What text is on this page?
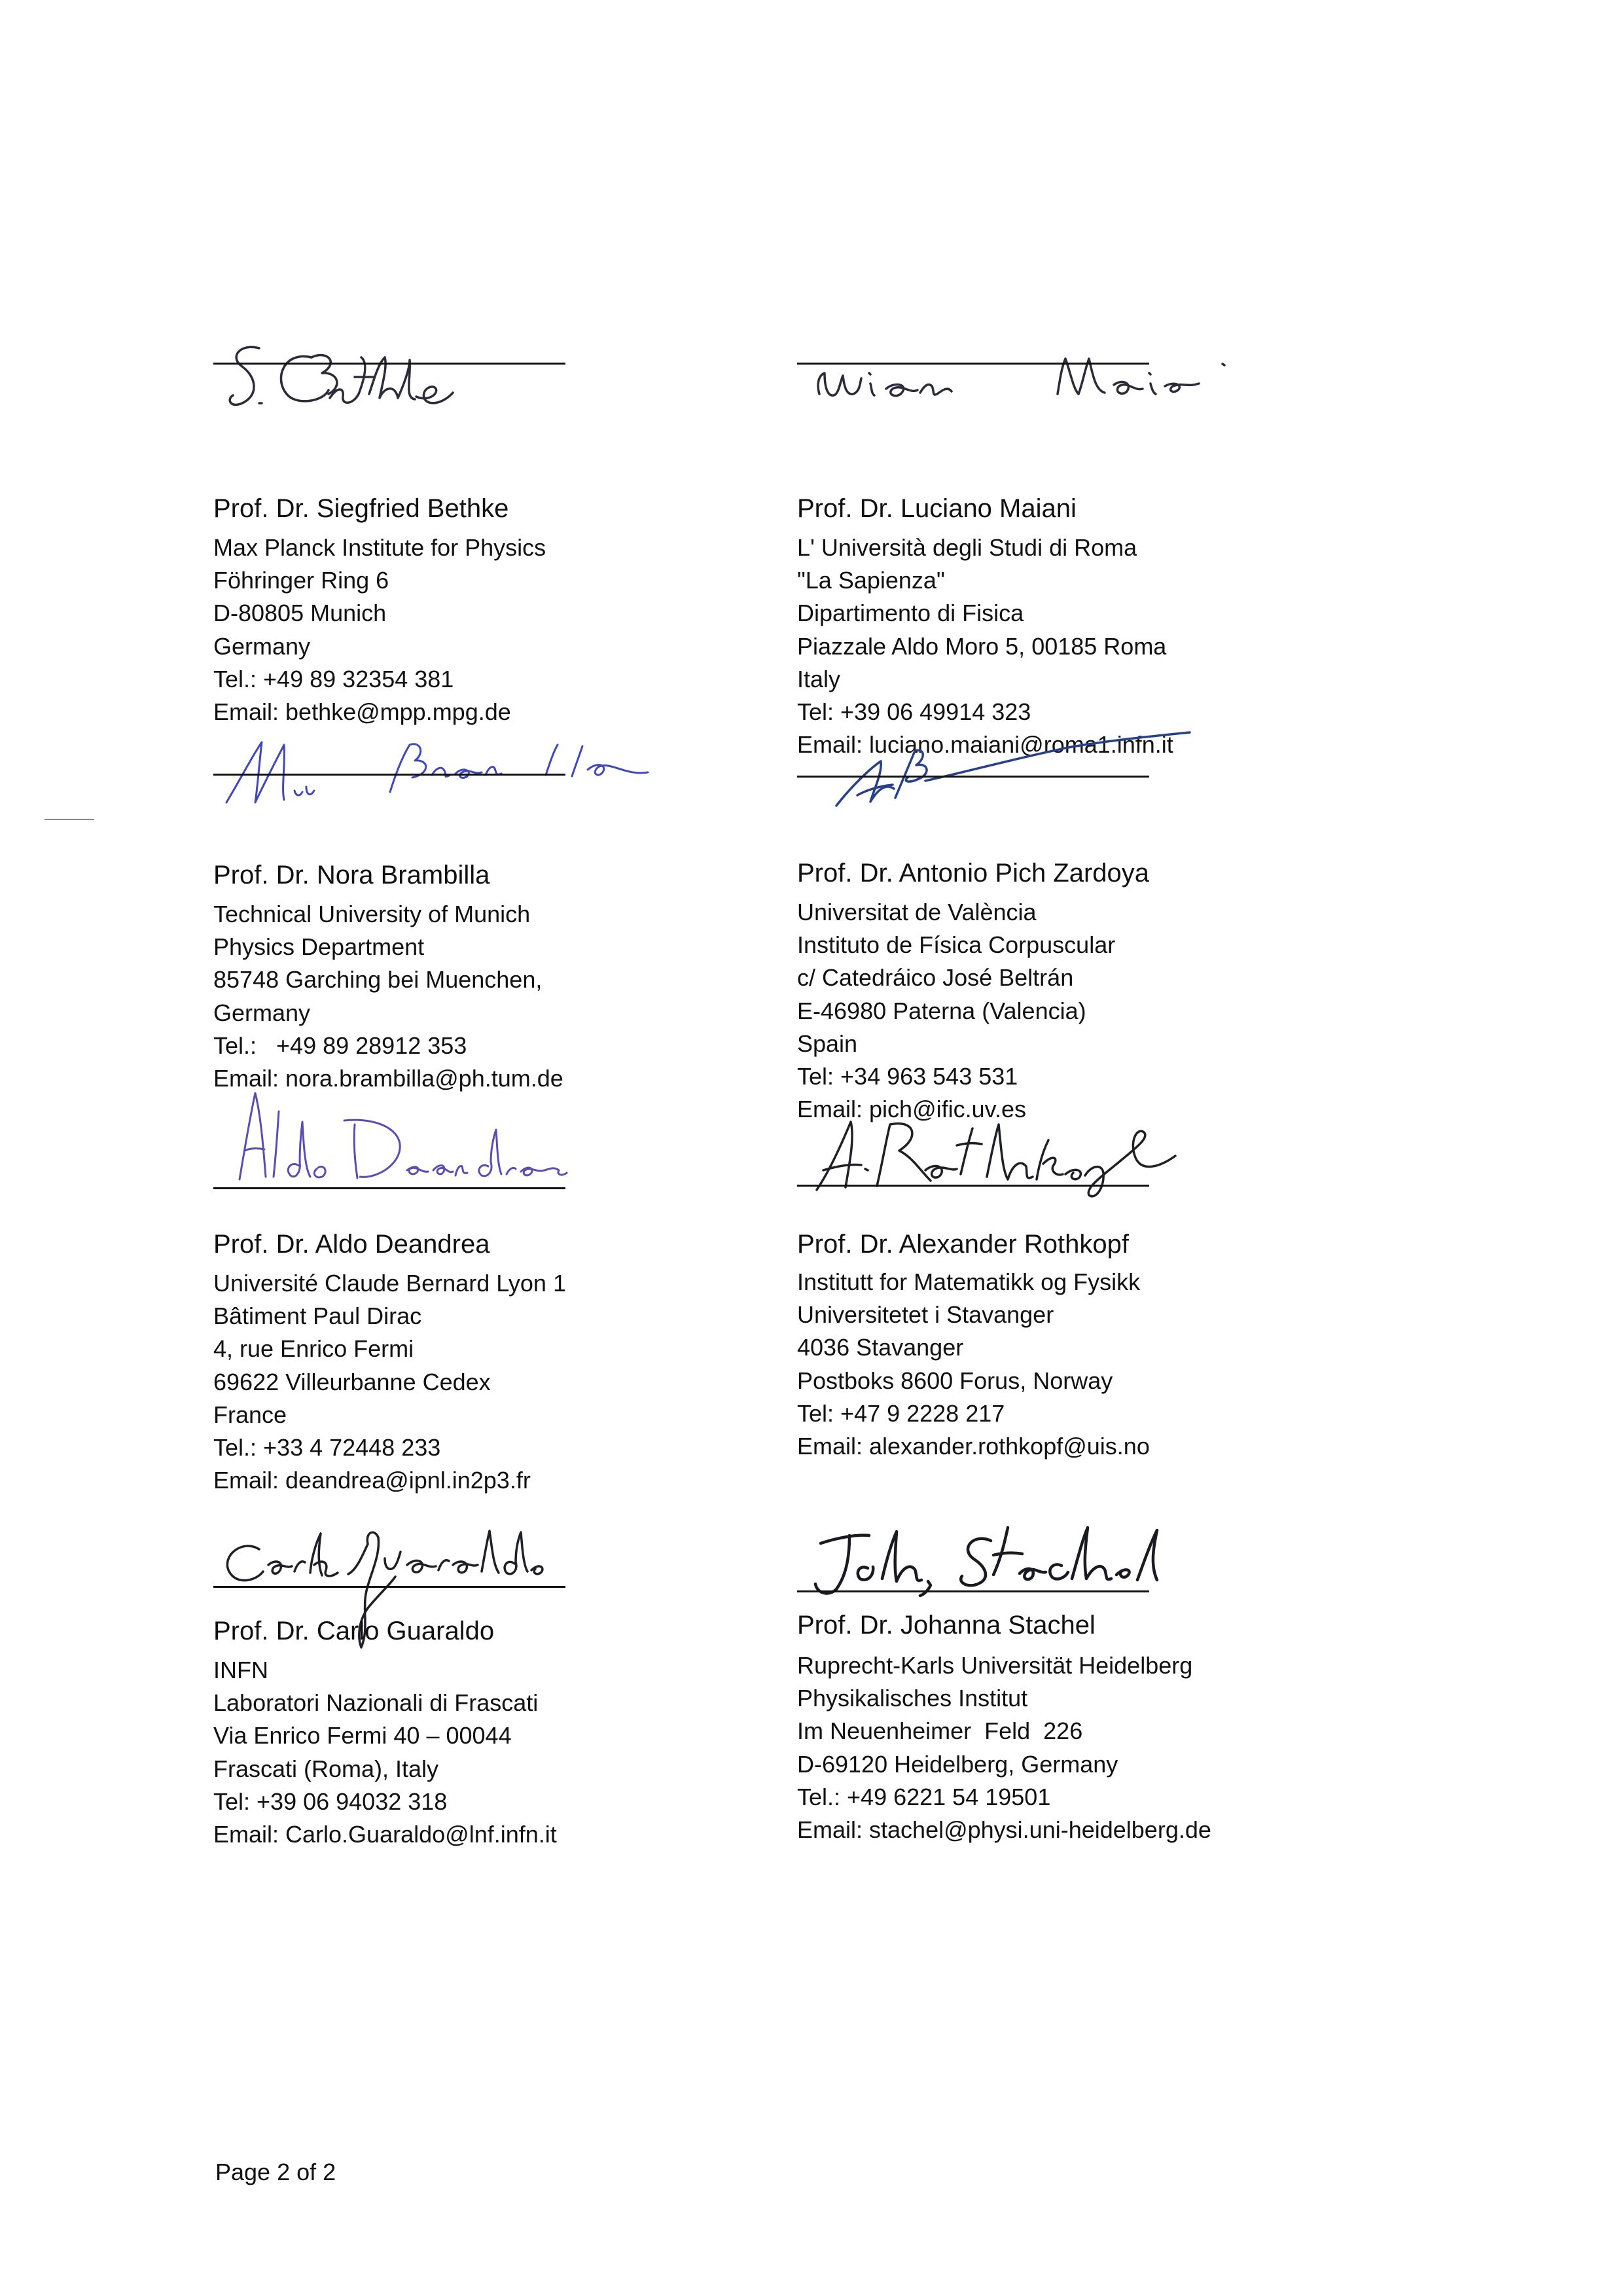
Prof. Dr. Siegfried Bethke
Max Planck Institute for Physics
Föhringer Ring 6
D-80805 Munich
Germany
Tel.: +49 89 32354 381
Email: bethke@mpp.mpg.de
Prof. Dr. Luciano Maiani
L' Università degli Studi di Roma
"La Sapienza"
Dipartimento di Fisica
Piazzale Aldo Moro 5, 00185 Roma
Italy
Tel: +39 06 49914 323
Email: luciano.maiani@roma1.infn.it
Prof. Dr. Nora Brambilla
Technical University of Munich
Physics Department
85748 Garching bei Muenchen,
Germany
Tel.:   +49 89 28912 353
Email: nora.brambilla@ph.tum.de
Prof. Dr. Antonio Pich Zardoya
Universitat de València
Instituto de Física Corpuscular
c/ Catedráico José Beltrán
E-46980 Paterna (Valencia)
Spain
Tel: +34 963 543 531
Email: pich@ific.uv.es
Prof. Dr. Aldo Deandrea
Université Claude Bernard Lyon 1
Bâtiment Paul Dirac
4, rue Enrico Fermi
69622 Villeurbanne Cedex
France
Tel.: +33 4 72448 233
Email: deandrea@ipnl.in2p3.fr
Prof. Dr. Alexander Rothkopf
Institutt for Matematikk og Fysikk
Universitetet i Stavanger
4036 Stavanger
Postboks 8600 Forus, Norway
Tel: +47 9 2228 217
Email: alexander.rothkopf@uis.no
Prof. Dr. Carlo Guaraldo
INFN
Laboratori Nazionali di Frascati
Via Enrico Fermi 40 – 00044
Frascati (Roma), Italy
Tel: +39 06 94032 318
Email: Carlo.Guaraldo@lnf.infn.it
Prof. Dr. Johanna Stachel
Ruprecht-Karls Universität Heidelberg
Physikalisches Institut
Im Neuenheimer  Feld  226
D-69120 Heidelberg, Germany
Tel.: +49 6221 54 19501
Email: stachel@physi.uni-heidelberg.de
Page 2 of 2
